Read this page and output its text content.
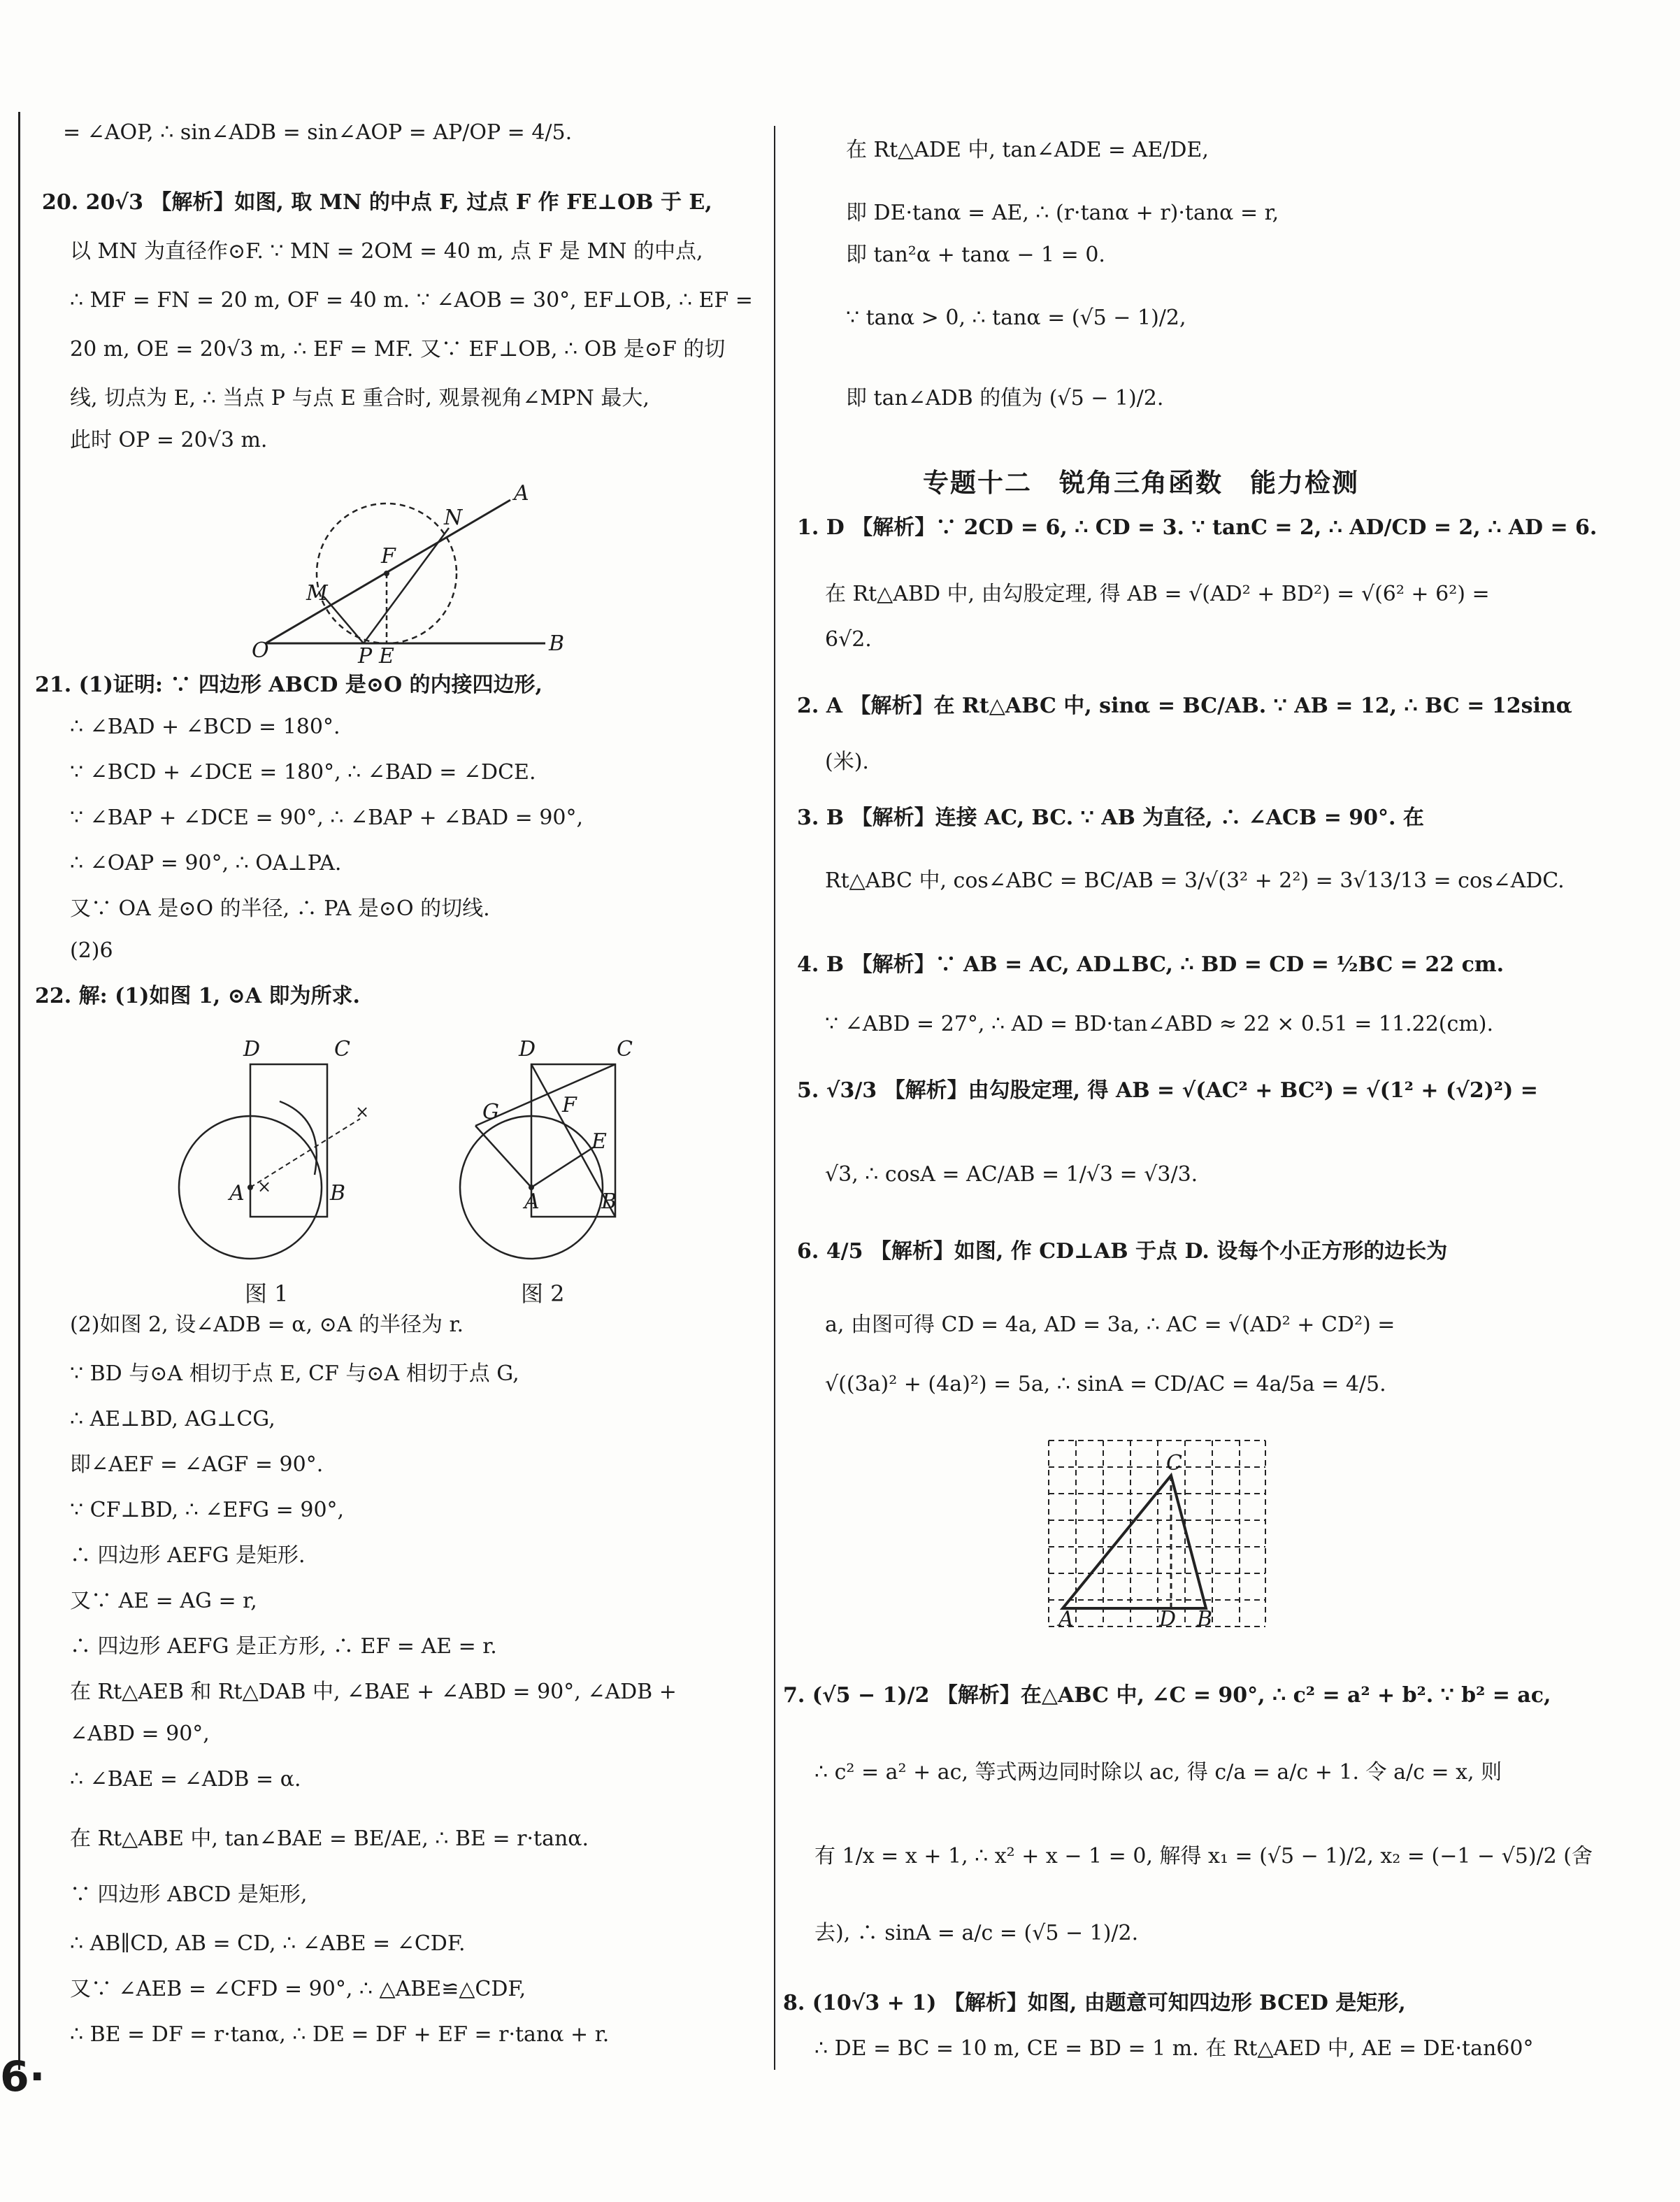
= ∠AOP, ∴ sin∠ADB = sin∠AOP = AP/OP = 4/5.
20. 20√3 【解析】如图, 取 MN 的中点 F, 过点 F 作 FE⊥OB 于 E,
以 MN 为直径作⊙F. ∵ MN = 2OM = 40 m, 点 F 是 MN 的中点,
∴ MF = FN = 20 m, OF = 40 m. ∵ ∠AOB = 30°, EF⊥OB, ∴ EF =
20 m, OE = 20√3 m, ∴ EF = MF. 又∵ EF⊥OB, ∴ OB 是⊙F 的切
线, 切点为 E, ∴ 当点 P 与点 E 重合时, 观景视角∠MPN 最大,
此时 OP = 20√3 m.
21. (1)证明: ∵ 四边形 ABCD 是⊙O 的内接四边形,
∴ ∠BAD + ∠BCD = 180°.
∵ ∠BCD + ∠DCE = 180°, ∴ ∠BAD = ∠DCE.
∵ ∠BAP + ∠DCE = 90°, ∴ ∠BAP + ∠BAD = 90°,
∴ ∠OAP = 90°, ∴ OA⊥PA.
又∵ OA 是⊙O 的半径, ∴ PA 是⊙O 的切线.
(2)6
22. 解: (1)如图 1, ⊙A 即为所求.
(2)如图 2, 设∠ADB = α, ⊙A 的半径为 r.
∵ BD 与⊙A 相切于点 E, CF 与⊙A 相切于点 G,
∴ AE⊥BD, AG⊥CG,
即∠AEF = ∠AGF = 90°.
∵ CF⊥BD, ∴ ∠EFG = 90°,
∴ 四边形 AEFG 是矩形.
又∵ AE = AG = r,
∴ 四边形 AEFG 是正方形, ∴ EF = AE = r.
在 Rt△AEB 和 Rt△DAB 中, ∠BAE + ∠ABD = 90°, ∠ADB +
∠ABD = 90°,
∴ ∠BAE = ∠ADB = α.
在 Rt△ABE 中, tan∠BAE = BE/AE, ∴ BE = r·tanα.
∵ 四边形 ABCD 是矩形,
∴ AB∥CD, AB = CD, ∴ ∠ABE = ∠CDF.
又∵ ∠AEB = ∠CFD = 90°, ∴ △ABE≌△CDF,
∴ BE = DF = r·tanα, ∴ DE = DF + EF = r·tanα + r.
在 Rt△ADE 中, tan∠ADE = AE/DE,
即 DE·tanα = AE, ∴ (r·tanα + r)·tanα = r,
即 tan²α + tanα − 1 = 0.
∵ tanα > 0, ∴ tanα = (√5 − 1)/2,
即 tan∠ADB 的值为 (√5 − 1)/2.
1. D 【解析】∵ 2CD = 6, ∴ CD = 3. ∵ tanC = 2, ∴ AD/CD = 2, ∴ AD = 6.
在 Rt△ABD 中, 由勾股定理, 得 AB = √(AD² + BD²) = √(6² + 6²) =
6√2.
2. A 【解析】在 Rt△ABC 中, sinα = BC/AB. ∵ AB = 12, ∴ BC = 12sinα
(米).
3. B 【解析】连接 AC, BC. ∵ AB 为直径, ∴ ∠ACB = 90°. 在
Rt△ABC 中, cos∠ABC = BC/AB = 3/√(3² + 2²) = 3√13/13 = cos∠ADC.
4. B 【解析】∵ AB = AC, AD⊥BC, ∴ BD = CD = ½BC = 22 cm.
∵ ∠ABD = 27°, ∴ AD = BD·tan∠ABD ≈ 22 × 0.51 = 11.22(cm).
5. √3/3 【解析】由勾股定理, 得 AB = √(AC² + BC²) = √(1² + (√2)²) =
√3, ∴ cosA = AC/AB = 1/√3 = √3/3.
6. 4/5 【解析】如图, 作 CD⊥AB 于点 D. 设每个小正方形的边长为
a, 由图可得 CD = 4a, AD = 3a, ∴ AC = √(AD² + CD²) =
√((3a)² + (4a)²) = 5a, ∴ sinA = CD/AC = 4a/5a = 4/5.
7. (√5 − 1)/2 【解析】在△ABC 中, ∠C = 90°, ∴ c² = a² + b². ∵ b² = ac,
∴ c² = a² + ac, 等式两边同时除以 ac, 得 c/a = a/c + 1. 令 a/c = x, 则
有 1/x = x + 1, ∴ x² + x − 1 = 0, 解得 x₁ = (√5 − 1)/2, x₂ = (−1 − √5)/2 (舍
去), ∴ sinA = a/c = (√5 − 1)/2.
8. (10√3 + 1) 【解析】如图, 由题意可知四边形 BCED 是矩形,
∴ DE = BC = 10 m, CE = BD = 1 m. 在 Rt△AED 中, AE = DE·tan60°
专题十二　锐角三角函数　能力检测
O	P E
B
A
M
F
N
×
×
D	C
A	B
图 1
D	C
G	F
E
A	B
图 2
C
A	D B
6·
